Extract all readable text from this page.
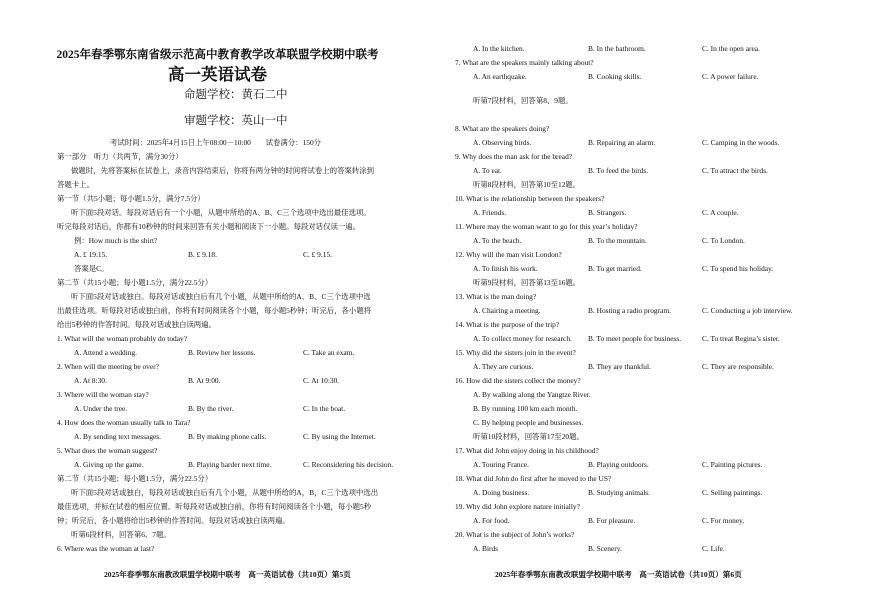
2025年春季鄂东南省级示范高中教育教学改革联盟学校期中联考
高一英语试卷
命题学校：黄石二中
审题学校：英山一中
考试时间：2025年4月15日上午08:00－10:00　　试卷满分：150分
第一部分　听力（共两节，满分30分）
做题时，先将答案标在试卷上，录音内容结束后，你将有两分钟的时间将试卷上的答案转涂到
答题卡上。
第一节（共5小题；每小题1.5分，满分7.5分）
听下面5段对话。每段对话后有一个小题，从题中所给的A、B、C三个选项中选出最佳选项。
听完每段对话后，你都有10秒钟的时间来回答有关小题和阅读下一小题。每段对话仅读一遍。
例：How much is the shirt?
A. £ 19.15.	B. £ 9.18.	C. £ 9.15.
答案是C。
第二节（共15小题；每小题1.5分，满分22.5分）
听下面5段对话或独白。每段对话或独白后有几个小题，从题中所给的A、B、C三个选项中选
出最佳选项。听每段对话或独白前，你将有时间阅读各个小题，每小题5秒钟；听完后，各小题将
给出5秒钟的作答时间。每段对话或独白读两遍。
1. What will the woman probably do today?
A. Attend a wedding.	B. Review her lessons.	C. Take an exam.
2. When will the meeting be over?
A. At 8:30.	B. At 9:00.	C. At 10:30.
3. Where will the woman stay?
A. Under the tree.	B. By the river.	C. In the boat.
4. How does the woman usually talk to Tara?
A. By sending text messages.	B. By making phone calls.	C. By using the Internet.
5. What does the woman suggest?
A. Giving up the game.	B. Playing harder next time.	C. Reconsidering his decision.
第二节（共15小题；每小题1.5分，满分22.5分）
听下面5段对话或独白，每段对话或独白后有几个小题，从题中所给的A，B，C三个选项中选出
最佳选项，并标在试卷的相应位置。听每段对话或独白前，你将有时间阅读各个小题，每小题5秒
钟；听完后，各小题将给出5秒钟的作答时间。每段对话或独白读两遍。
听第6段材料，回答第6、7题。
6. Where was the woman at last?
2025年春季鄂东南教改联盟学校期中联考　高一英语试卷（共10页）第5页
A. In the kitchen.	B. In the bathroom.	C. In the open area.
7. What are the speakers mainly talking about?
A. An earthquake.	B. Cooking skills.	C. A power failure.
听第7段材料，回答第8、9题。
8. What are the speakers doing?
A. Observing birds.	B. Repairing an alarm.	C. Camping in the woods.
9. Why does the man ask for the bread?
A. To eat.	B. To feed the birds.	C. To attract the birds.
听第8段材料，回答第10至12题。
10. What is the relationship between the speakers?
A. Friends.	B. Strangers.	C. A couple.
11. Where may the woman want to go for this year’s holiday?
A. To the beach.	B. To the mountain.	C. To London.
12. Why will the man visit London?
A. To finish his work.	B. To get married.	C. To spend his holiday.
听第9段材料，回答第13至16题。
13. What is the man doing?
A. Chairing a meeting.	B. Hosting a radio program.	C. Conducting a job interview.
14. What is the purpose of the trip?
A. To collect money for research. B. To meet people for business.	C. To treat Regina’s sister.
15. Why did the sisters join in the event?
A. They are curious.	B. They are thankful.	C. They are responsible.
16. How did the sisters collect the money?
A. By walking along the Yangtze River.
B. By running 100 km each month.
C. By helping people and businesses.
听第10段材料，回答第17至20题。
17. What did John enjoy doing in his childhood?
A. Touring France.	B. Playing outdoors.	C. Painting pictures.
18. What did John do first after he moved to the US?
A. Doing business.	B. Studying animals.	C. Selling paintings.
19. Why did John explore nature initially?
A. For food.	B. For pleasure.	C. For money.
20. What is the subject of John’s works?
A. Birds	B. Scenery.	C. Life.
2025年春季鄂东南教改联盟学校期中联考　高一英语试卷（共10页）第6页
